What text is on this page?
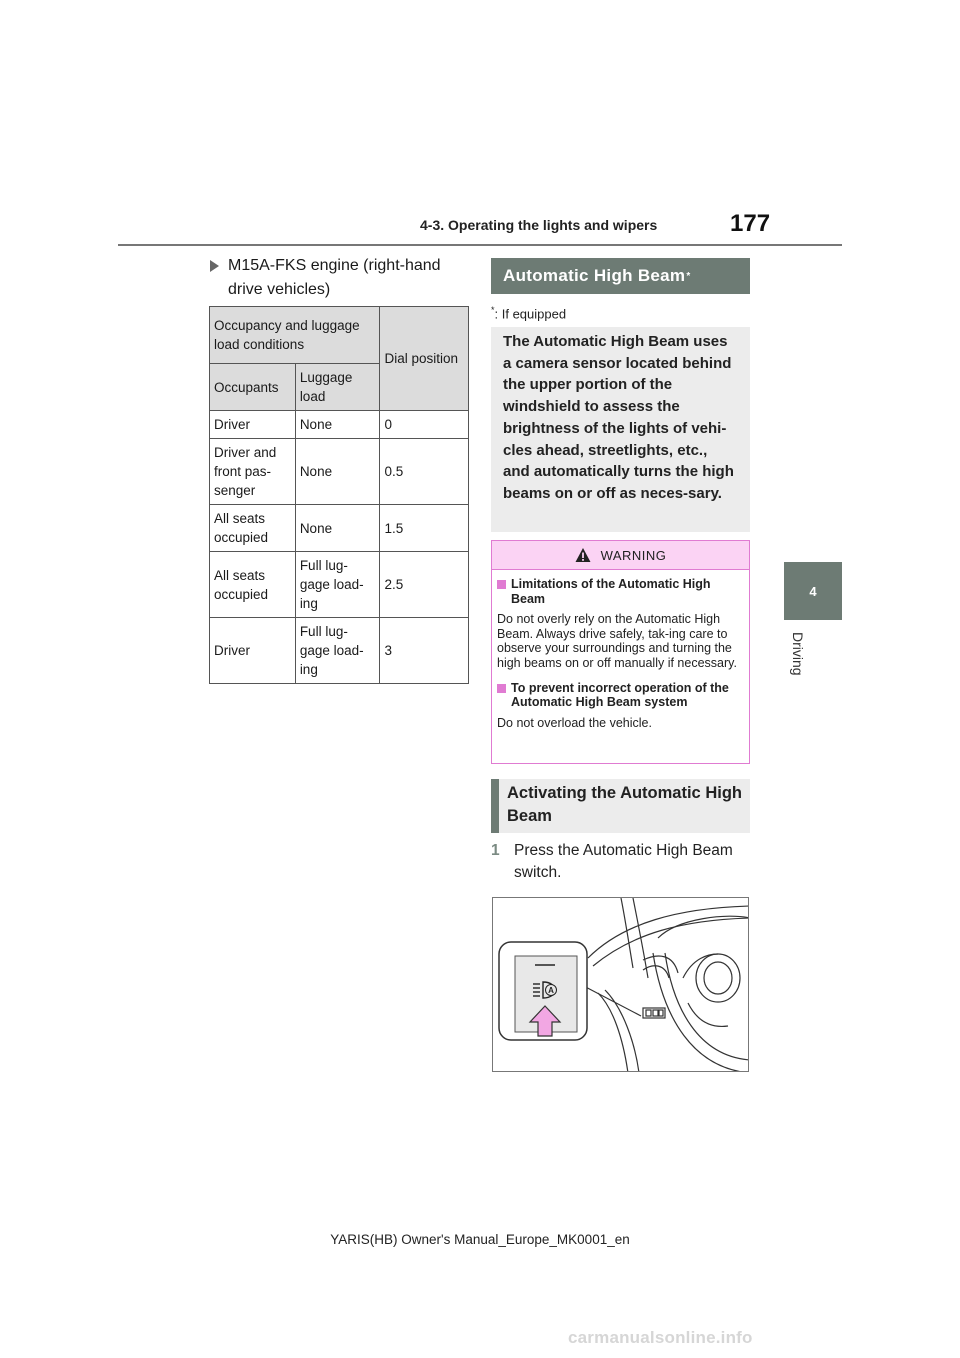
4-3. Operating the lights and wipers	177
4
Driving
M15A-FKS engine (right-hand drive vehicles)
Occupancy and luggage load conditions		Dial position
Occupants	Luggage load	
Driver	None	0
Driver and front pas-senger	None	0.5
All seats occupied	None	1.5
All seats occupied	Full lug-gage load-ing	2.5
Driver	Full lug-gage load-ing	3
Automatic High Beam *
*: If equipped
The Automatic High Beam uses a camera sensor located behind the upper portion of the windshield to assess the brightness of the lights of vehi-cles ahead, streetlights, etc., and automatically turns the high beams on or off as neces-sary.
WARNING
Limitations of the Automatic High Beam
Do not overly rely on the Automatic High Beam. Always drive safely, tak-ing care to observe your surroundings and turning the high beams on or off manually if necessary.
To prevent incorrect operation of the Automatic High Beam system
Do not overload the vehicle.
Activating the Automatic High Beam
1 Press the Automatic High Beam switch.
A
YARIS(HB) Owner's Manual_Europe_MK0001_en
carmanualsonline.info
